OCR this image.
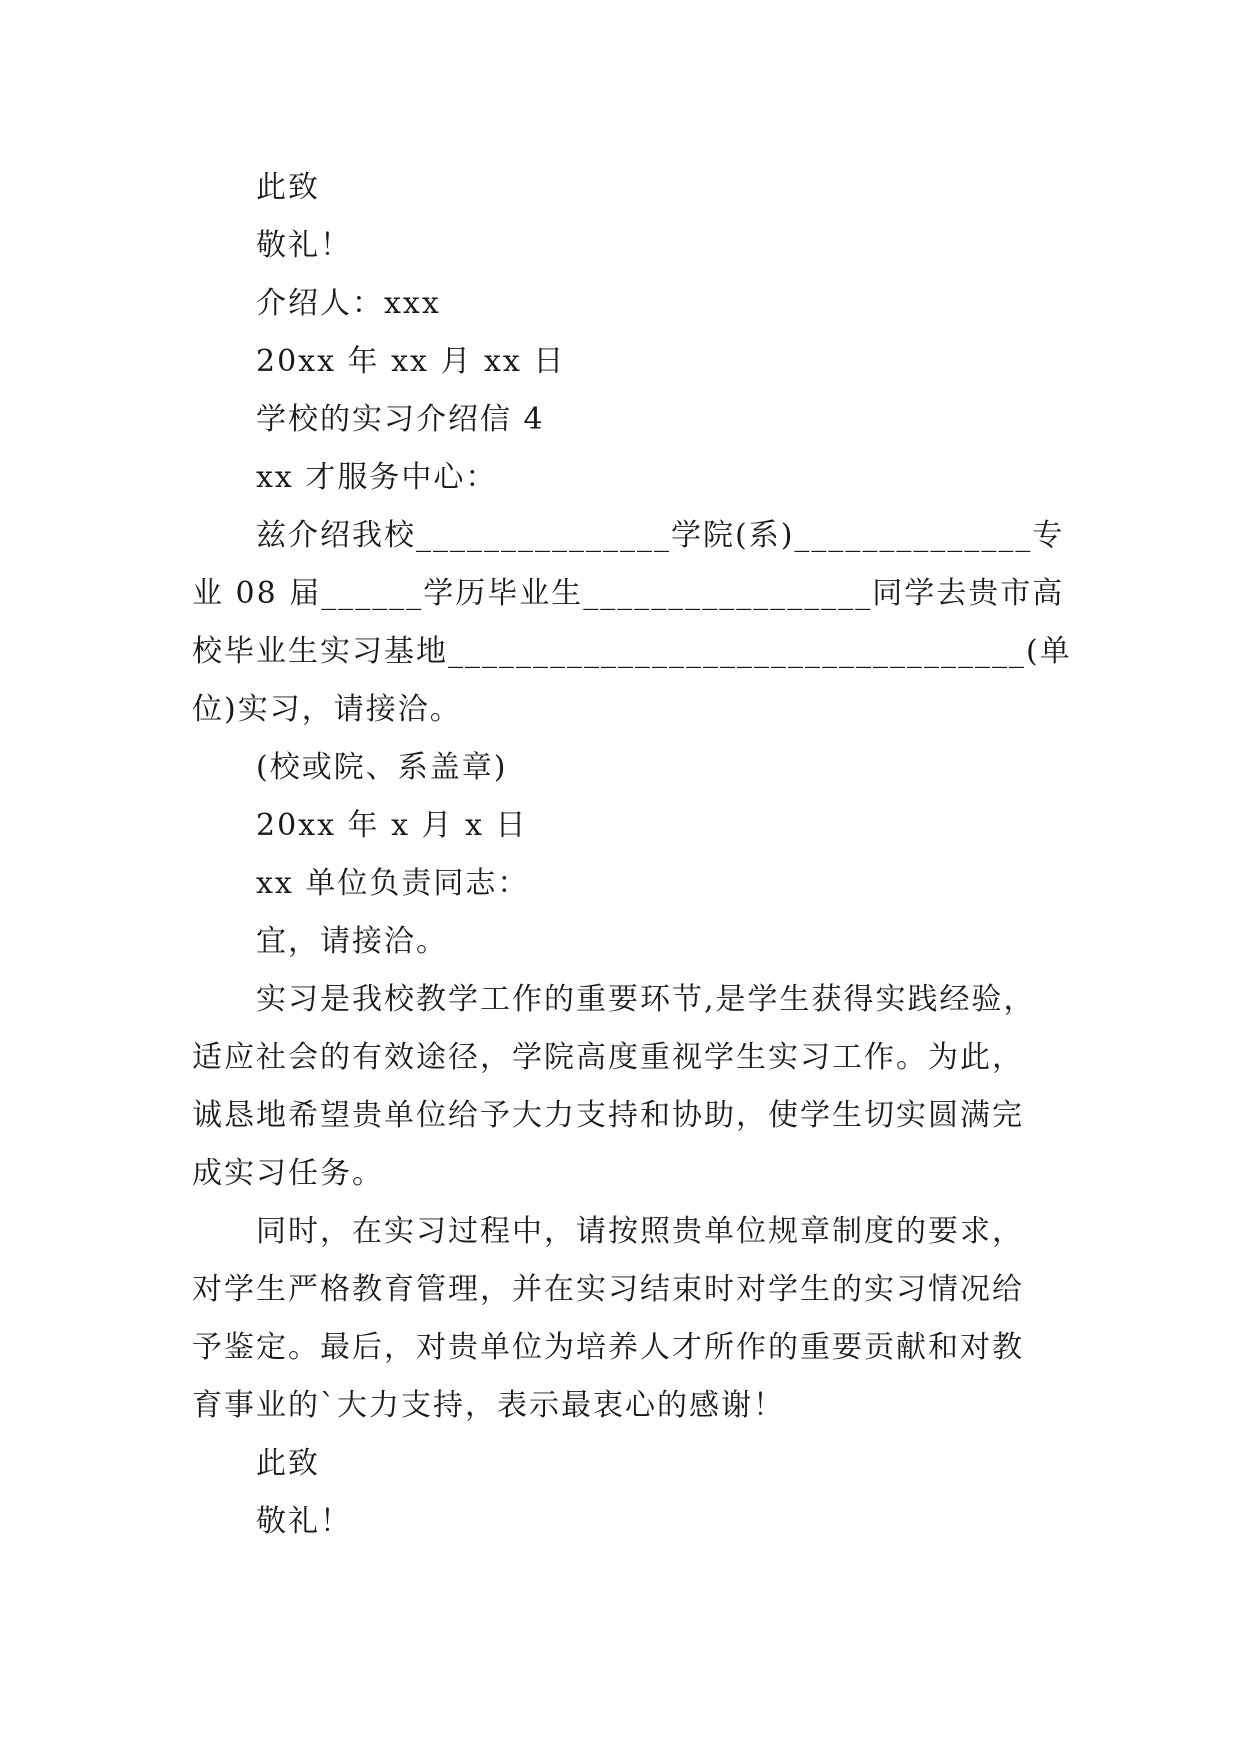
此致
敬礼！
介绍人：xxx
20xx 年 xx 月 xx 日
学校的实习介绍信 4
xx 才服务中心：
兹介绍我校_______________学院(系)______________专
业 08 届______学历毕业生_________________同学去贵市高
校毕业生实习基地__________________________________(单
位)实习，请接洽。
(校或院、系盖章)
20xx 年 x 月 x 日
xx 单位负责同志：
宜，请接洽。
实习是我校教学工作的重要环节,是学生获得实践经验，
适应社会的有效途径，学院高度重视学生实习工作。为此，
诚恳地希望贵单位给予大力支持和协助，使学生切实圆满完
成实习任务。
同时，在实习过程中，请按照贵单位规章制度的要求，
对学生严格教育管理，并在实习结束时对学生的实习情况给
予鉴定。最后，对贵单位为培养人才所作的重要贡献和对教
育事业的`大力支持，表示最衷心的感谢！
此致
敬礼！
